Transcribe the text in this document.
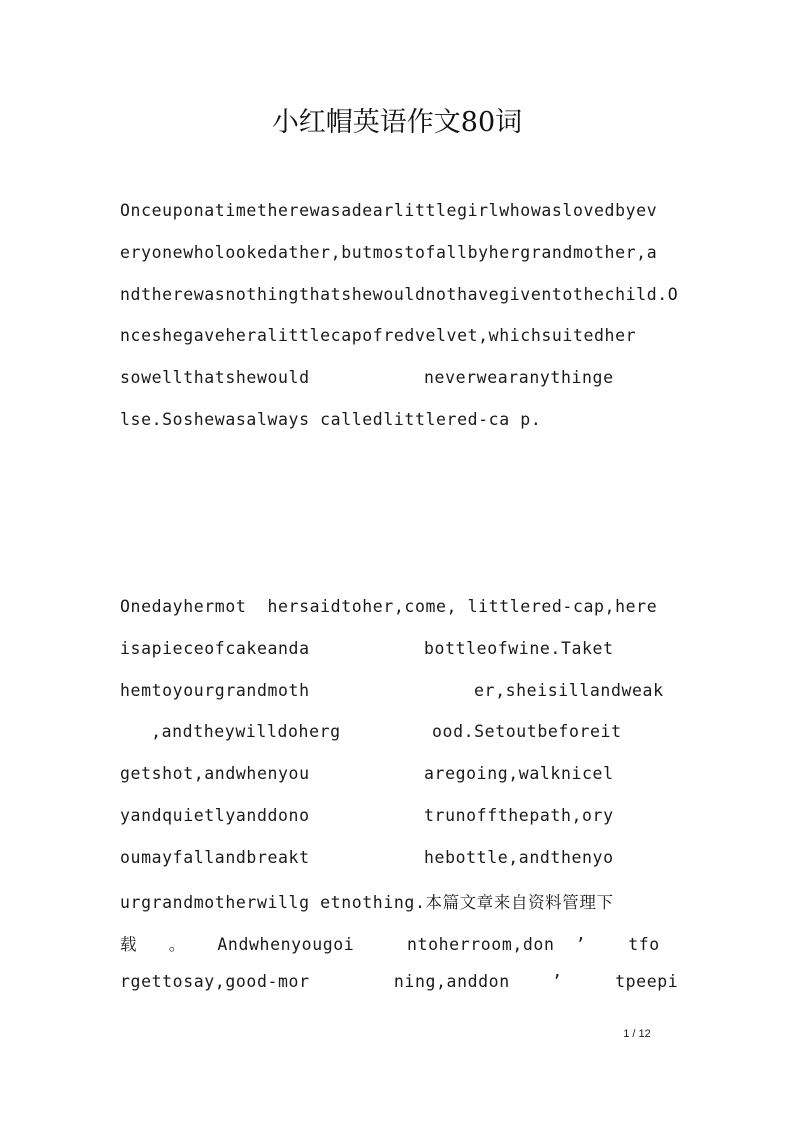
小红帽英语作文80词
Onceuponatimetherewasadearlittlegirlwhowaslovedbyev
eryonewholookedather,butmostofallbyhergrandmother,a
ndtherewasnothingthatshewouldnothavegiventothechild.O
nceshegaveheralittlecapofredvelvet,whichsuitedher
sowellthatshewould	neverwearanythinge
lse.Soshewasalways calledlittlered-ca p.
Onedayhermot  hersaidtoher,come, littlered-cap,here
isapieceofcakeanda	bottleofwine.Taket
hemtoyourgrandmoth	er,sheisillandweak
,andtheywilldoherg	ood.Setoutbeforeit
getshot,andwhenyou	aregoing,walknicel
yandquietlyanddono	trunoffthepath,ory
oumayfallandbreakt	hebottle,andthenyo
urgrandmotherwillg etnothing.本篇文章来自资料管理下
载   。   Andwhenyougoi     ntoherroom,don  ’    tfo
rgettosay,good-mor        ning,anddon    ’     tpeepi
1 / 12
